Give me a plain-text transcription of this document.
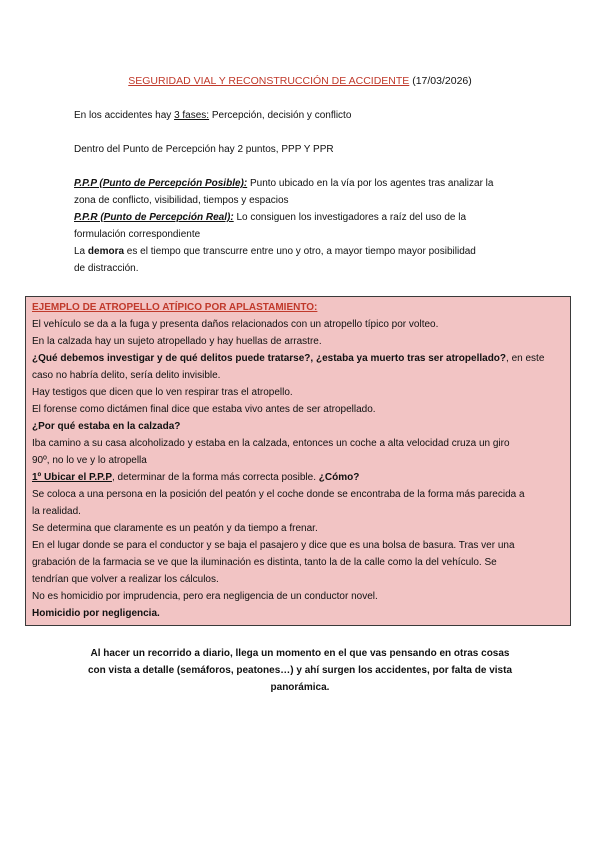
SEGURIDAD VIAL Y RECONSTRUCCIÓN DE ACCIDENTE (17/03/2026)
En los accidentes hay 3 fases: Percepción, decisión y conflicto
Dentro del Punto de Percepción hay 2 puntos, PPP Y PPR
P.P.P (Punto de Percepción Posible): Punto ubicado en la vía por los agentes tras analizar la
zona de conflicto, visibilidad, tiempos y espacios
P.P.R (Punto de Percepción Real): Lo consiguen los investigadores a raíz del uso de la
formulación correspondiente
La demora es el tiempo que transcurre entre uno y otro, a mayor tiempo mayor posibilidad
de distracción.
EJEMPLO DE ATROPELLO ATÍPICO POR APLASTAMIENTO:
El vehículo se da a la fuga y presenta daños relacionados con un atropello típico por volteo.
En la calzada hay un sujeto atropellado y hay huellas de arrastre.
¿Qué debemos investigar y de qué delitos puede tratarse?, ¿estaba ya muerto tras ser atropellado?, en este
caso no habría delito, sería delito invisible.
Hay testigos que dicen que lo ven respirar tras el atropello.
El forense como dictámen final dice que estaba vivo antes de ser atropellado.
¿Por qué estaba en la calzada?
Iba camino a su casa alcoholizado y estaba en la calzada, entonces un coche a alta velocidad cruza un giro
90º, no lo ve y lo atropella
1º Ubicar el P.P.P, determinar de la forma más correcta posible. ¿Cómo?
Se coloca a una persona en la posición del peatón y el coche donde se encontraba de la forma más parecida a
la realidad.
Se determina que claramente es un peatón y da tiempo a frenar.
En el lugar donde se para el conductor y se baja el pasajero y dice que es una bolsa de basura. Tras ver una
grabación de la farmacia se ve que la iluminación es distinta, tanto la de la calle como la del vehículo. Se
tendrían que volver a realizar los cálculos.
No es homicidio por imprudencia, pero era negligencia de un conductor novel.
Homicidio por negligencia.
Al hacer un recorrido a diario, llega un momento en el que vas pensando en otras cosas
con vista a detalle (semáforos, peatones…) y ahí surgen los accidentes, por falta de vista
panorámica.
